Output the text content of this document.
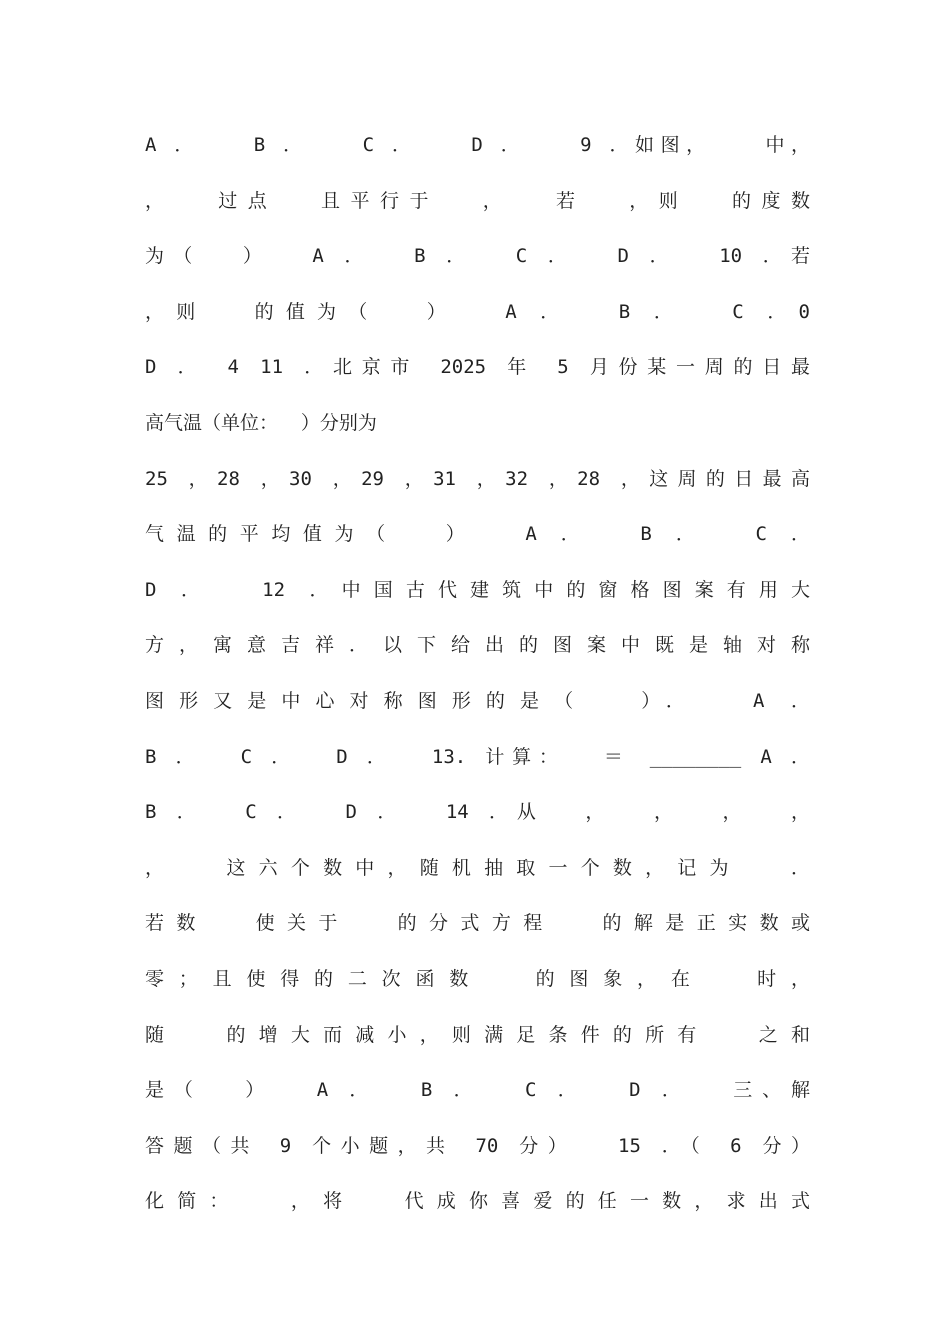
A ．   B ．   C ．   D ．   9 ．如图，   中，
，  过点  且平行于  ，  若  ，则  的度数
为（  ）  A ．  B ．  C ．  D ．  10 ．若
，则  的值为（  ）  A ．  B ．  C ．0
D ． 4 11 ．北京市 2025 年 5 月份某一周的日最
高气温（单位：  ）分别为
25 ，28 ，30 ，29 ，31 ，32 ，28 ，这周的日最高
气温的平均值为（  ）  A ．  B ．  C ．
D ．  12 ．中国古代建筑中的窗格图案有用大
方，寓意吉祥．以下给出的图案中既是轴对称
图形又是中心对称图形的是（  ）．  A ．
B ．  C ．  D ．  13. 计算：  ＝ ________ A ．
B ．  C ．  D ．  14 ．从  ，  ，  ，  ，
，  这六个数中，随机抽取一个数，记为  ．
若数  使关于  的分式方程  的解是正实数或
零；且使得的二次函数  的图象，在  时，
随  的增大而减小，则满足条件的所有  之和
是（  ）  A ．  B ．  C ．  D ．  三、解
答题（共 9 个小题，共 70 分）  15 ．（ 6 分）
化简：  ，将  代成你喜爱的任一数，求出式
